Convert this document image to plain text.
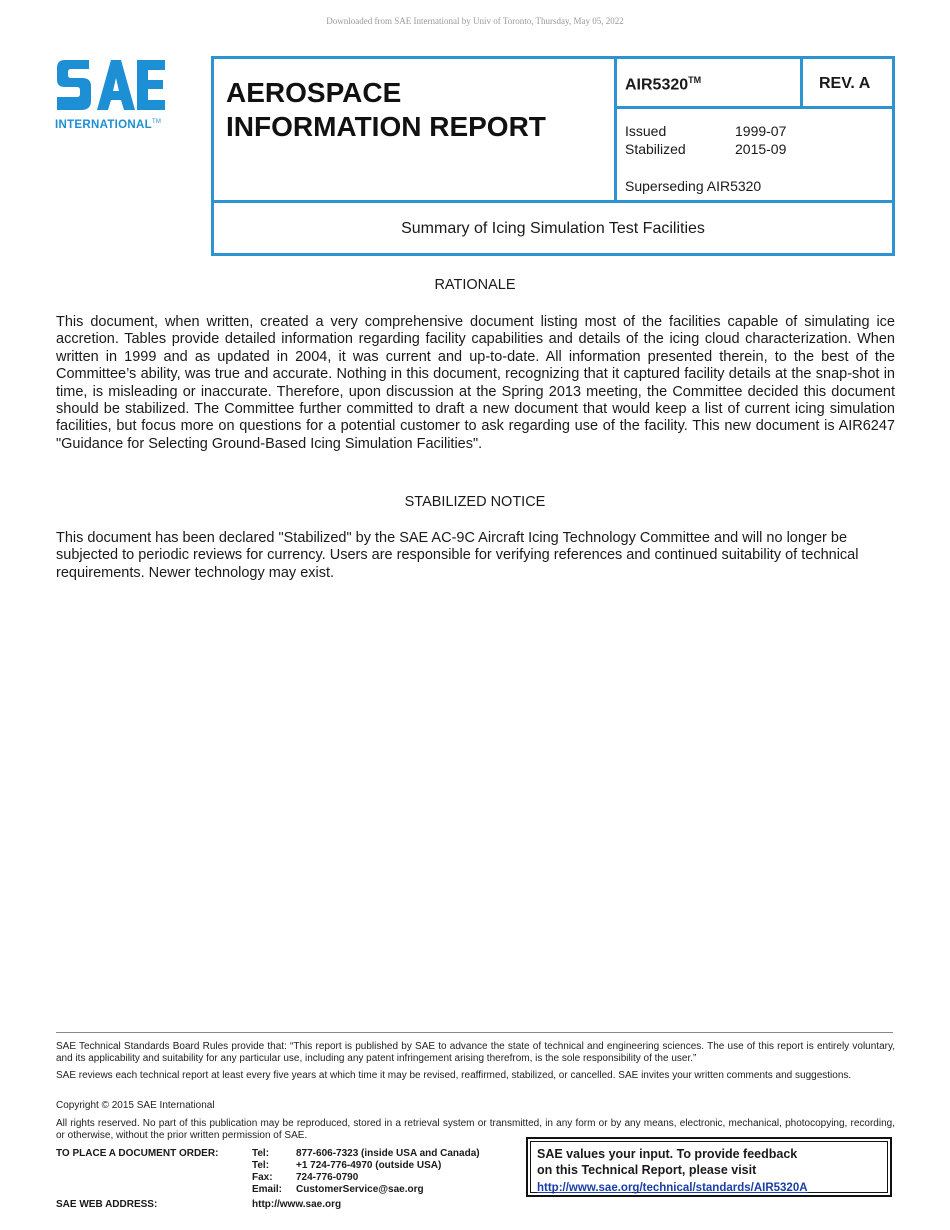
Downloaded from SAE International by Univ of Toronto, Thursday, May 05, 2022
INTERNATIONAL™
AEROSPACE
INFORMATION REPORT
AIR5320™	REV. A
Issued	1999-07
Stabilized	2015-09
Superseding AIR5320
Summary of Icing Simulation Test Facilities
RATIONALE
This document, when written, created a very comprehensive document listing most of the facilities capable of simulating ice accretion. Tables provide detailed information regarding facility capabilities and details of the icing cloud characterization. When written in 1999 and as updated in 2004, it was current and up-to-date. All information presented therein, to the best of the Committee’s ability, was true and accurate. Nothing in this document, recognizing that it captured facility details at the snap-shot in time, is misleading or inaccurate. Therefore, upon discussion at the Spring 2013 meeting, the Committee decided this document should be stabilized. The Committee further committed to draft a new document that would keep a list of current icing simulation facilities, but focus more on questions for a potential customer to ask regarding use of the facility. This new document is AIR6247 "Guidance for Selecting Ground-Based Icing Simulation Facilities".
STABILIZED NOTICE
This document has been declared "Stabilized" by the SAE AC-9C Aircraft Icing Technology Committee and will no longer be subjected to periodic reviews for currency. Users are responsible for verifying references and continued suitability of technical requirements. Newer technology may exist.
SAE Technical Standards Board Rules provide that: “This report is published by SAE to advance the state of technical and engineering sciences. The use of this report is entirely voluntary, and its applicability and suitability for any particular use, including any patent infringement arising therefrom, is the sole responsibility of the user.”
SAE reviews each technical report at least every five years at which time it may be revised, reaffirmed, stabilized, or cancelled. SAE invites your written comments and suggestions.
Copyright © 2015 SAE International
All rights reserved. No part of this publication may be reproduced, stored in a retrieval system or transmitted, in any form or by any means, electronic, mechanical, photocopying, recording, or otherwise, without the prior written permission of SAE.
TO PLACE A DOCUMENT ORDER:	Tel:	877-606-7323 (inside USA and Canada)
Tel:	+1 724-776-4970 (outside USA)
Fax:	724-776-0790
Email:	CustomerService@sae.org
SAE WEB ADDRESS:	http://www.sae.org
SAE values your input. To provide feedback
on this Technical Report, please visit
http://www.sae.org/technical/standards/AIR5320A
